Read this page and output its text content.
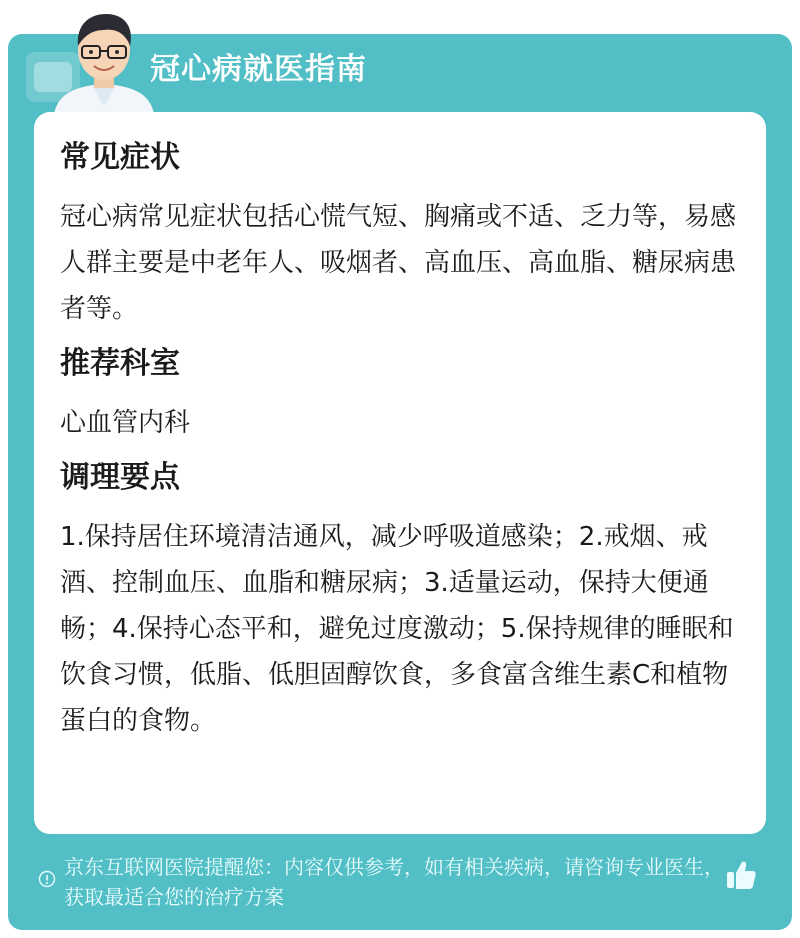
冠心病就医指南
常见症状

冠心病常见症状包括心慌气短、胸痛或不适、乏力等，易感人群主要是中老年人、吸烟者、高血压、高血脂、糖尿病患者等。

推荐科室

心血管内科

调理要点

1.保持居住环境清洁通风，减少呼吸道感染；2.戒烟、戒酒、控制血压、血脂和糖尿病；3.适量运动，保持大便通畅；4.保持心态平和，避免过度激动；5.保持规律的睡眠和饮食习惯，低脂、低胆固醇饮食，多食富含维生素C和植物蛋白的食物。

京东互联网医院提醒您：内容仅供参考，如有相关疾病，请咨询专业医生，获取最适合您的治疗方案
